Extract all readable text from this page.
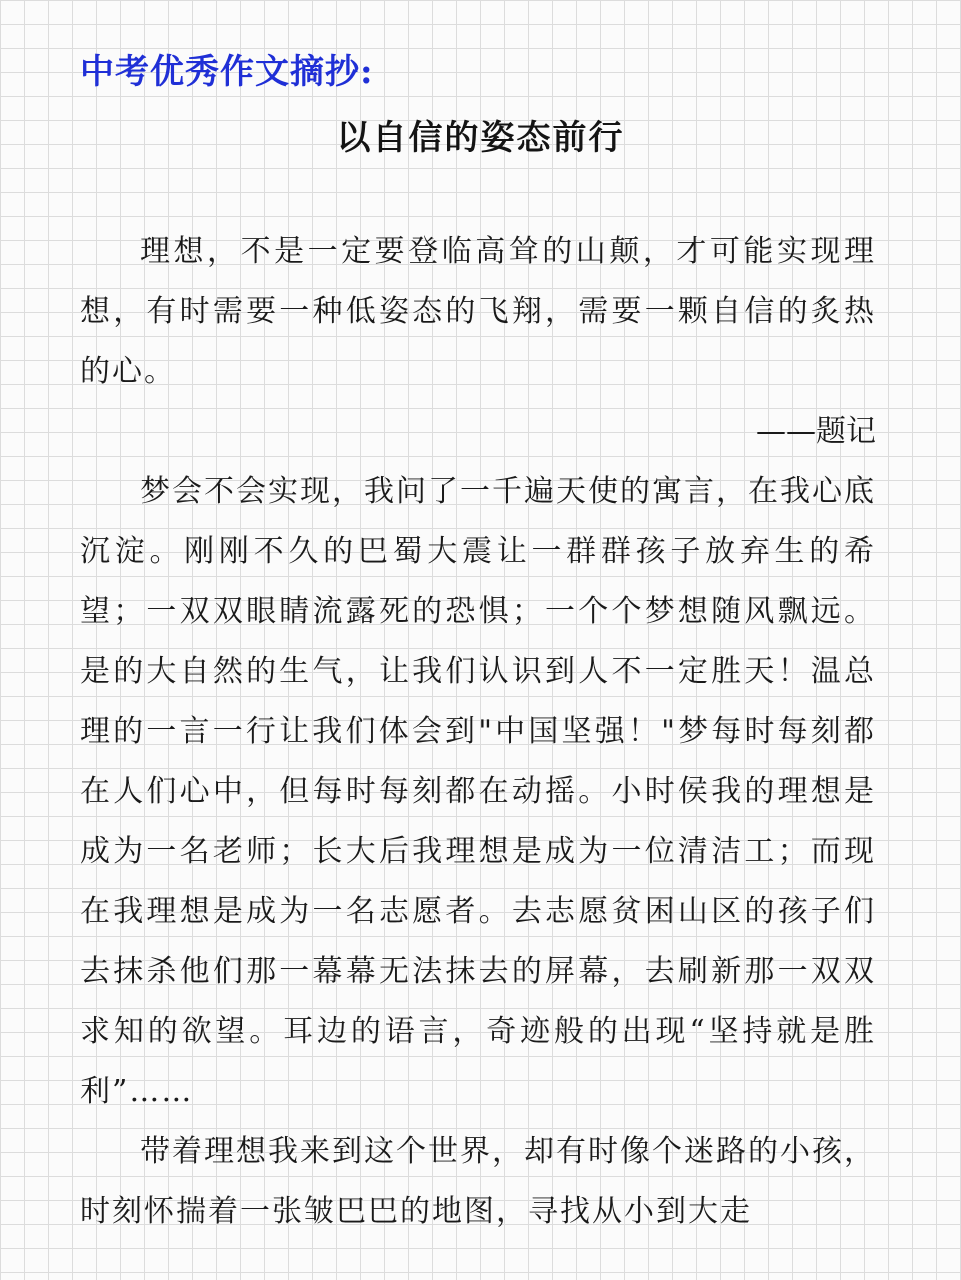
中考优秀作文摘抄:
以自信的姿态前行

理想，不是一定要登临高耸的山颠，才可能实现理想，有时需要一种低姿态的飞翔，需要一颗自信的炙热的心。

——题记

梦会不会实现，我问了一千遍天使的寓言，在我心底沉淀。刚刚不久的巴蜀大震让一群群孩子放弃生的希望；一双双眼睛流露死的恐惧；一个个梦想随风飘远。是的大自然的生气，让我们认识到人不一定胜天！温总理的一言一行让我们体会到"中国坚强！"梦每时每刻都在人们心中，但每时每刻都在动摇。小时侯我的理想是成为一名老师；长大后我理想是成为一位清洁工；而现在我理想是成为一名志愿者。去志愿贫困山区的孩子们去抹杀他们那一幕幕无法抹去的屏幕，去刷新那一双双求知的欲望。耳边的语言，奇迹般的出现“坚持就是胜利”……

带着理想我来到这个世界，却有时像个迷路的小孩，时刻怀揣着一张皱巴巴的地图，寻找从小到大走
